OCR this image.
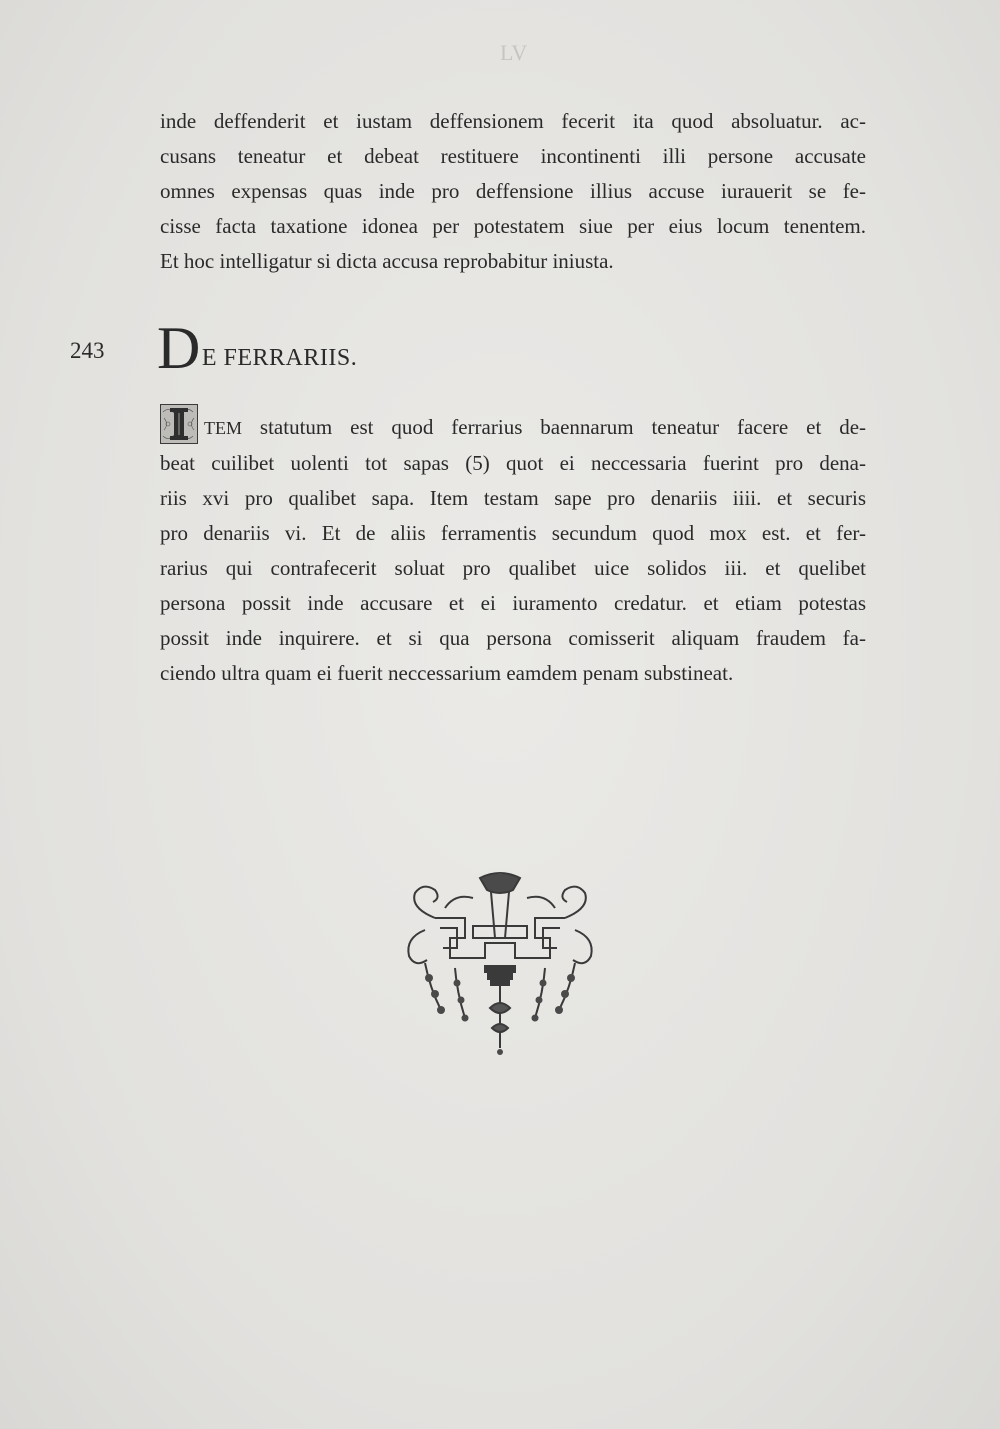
LV
inde deffenderit et iustam deffensionem fecerit ita quod absoluatur. ac-
cusans teneatur et debeat restituere incontinenti illi persone accusate
omnes expensas quas inde pro deffensione illius accuse iurauerit se fe-
cisse facta taxatione idonea per potestatem siue per eius locum tenentem.
Et hoc intelligatur si dicta accusa reprobabitur iniusta.
243 DE FERRARIIS.
TEM statutum est quod ferrarius baennarum teneatur facere et de-
beat cuilibet uolenti tot sapas (5) quot ei neccessaria fuerint pro dena-
riis xvi pro qualibet sapa. Item testam sape pro denariis iiii. et securis
pro denariis vi. Et de aliis ferramentis secundum quod mox est. et fer-
rarius qui contrafecerit soluat pro qualibet uice solidos iii. et quelibet
persona possit inde accusare et ei iuramento credatur. et etiam potestas
possit inde inquirere. et si qua persona comisserit aliquam fraudem fa-
ciendo ultra quam ei fuerit neccessarium eamdem penam substineat.
